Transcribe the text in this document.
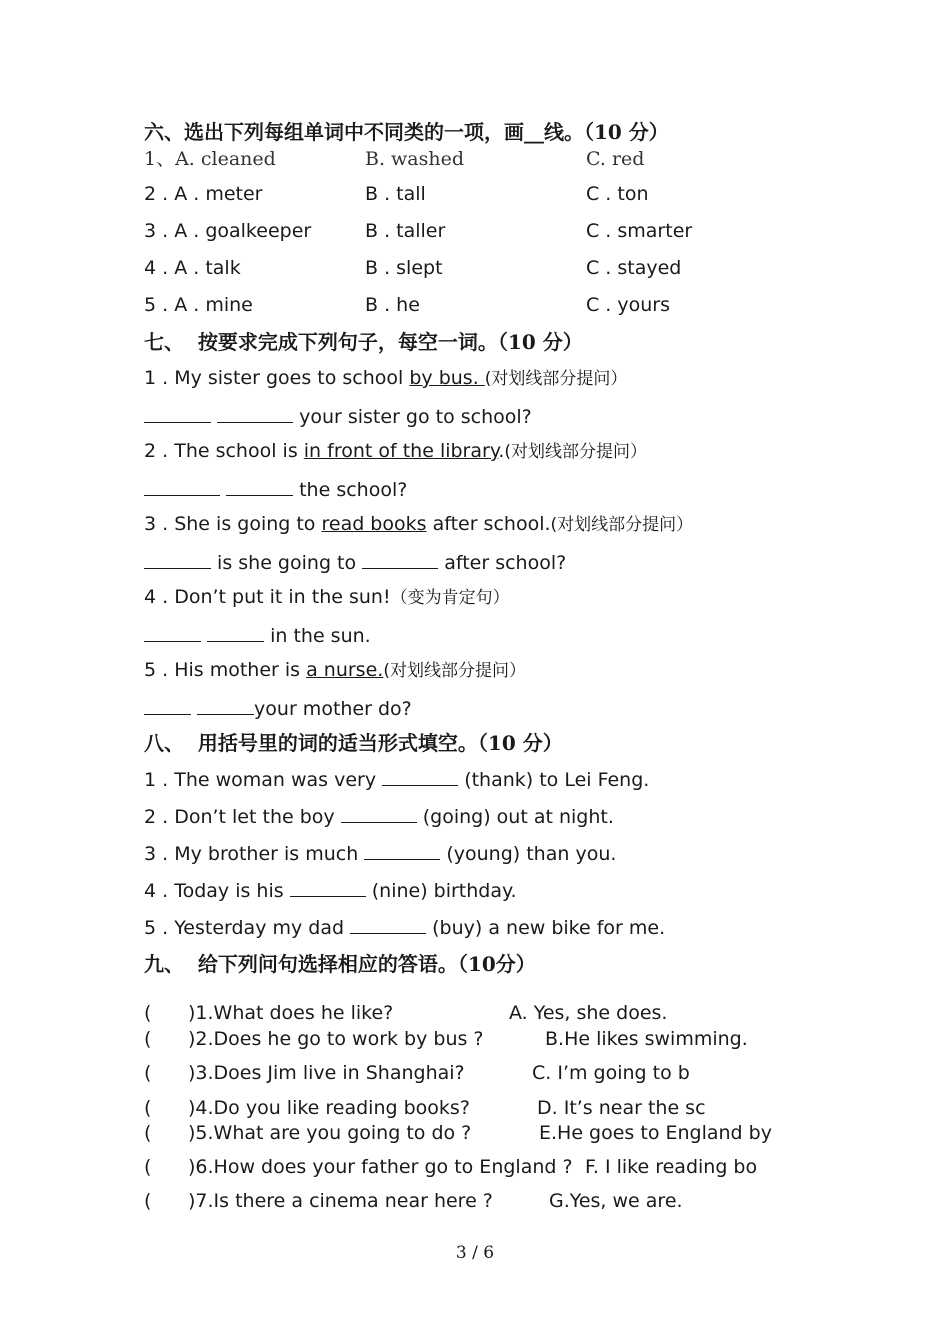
六、选出下列每组单词中不同类的一项，画__线。（10 分）
1、A. cleaned	B. washed	C. red
2 . A . meter	B . tall	C . ton
3 . A . goalkeeper	B . taller	C . smarter
4 . A . talk	B . slept	C . stayed
5 . A . mine	B . he	C . yours
七、  按要求完成下列句子，每空一词。（10 分）
1 . My sister goes to school by bus. (对划线部分提问）
your sister go to school?
2 . The school is in front of the library.(对划线部分提问）
the school?
3 . She is going to read books after school.(对划线部分提问）
is she going to	after school?
4 . Don’t put it in the sun!（变为肯定句）
in the sun.
5 . His mother is a nurse.(对划线部分提问）
your mother do?
八、  用括号里的词的适当形式填空。（10 分）
1 . The woman was very	(thank) to Lei Feng.
2 . Don’t let the boy	(going) out at night.
3 . My brother is much	(young) than you.
4 . Today is his	(nine) birthday.
5 . Yesterday my dad	(buy) a new bike for me.
九、  给下列问句选择相应的答语。（10分）
( )1.What does he like?	A. Yes, she does.
( )2.Does he go to work by bus ?	B.He likes swimming.
( )3.Does Jim live in Shanghai?	C. I’m going to b
( )4.Do you like reading books?	D. It’s near the sc
( )5.What are you going to do ?	E.He goes to England by
( )6.How does your father go to England ? F. I like reading bo
( )7.Is there a cinema near here ?	G.Yes, we are.
3 / 6
